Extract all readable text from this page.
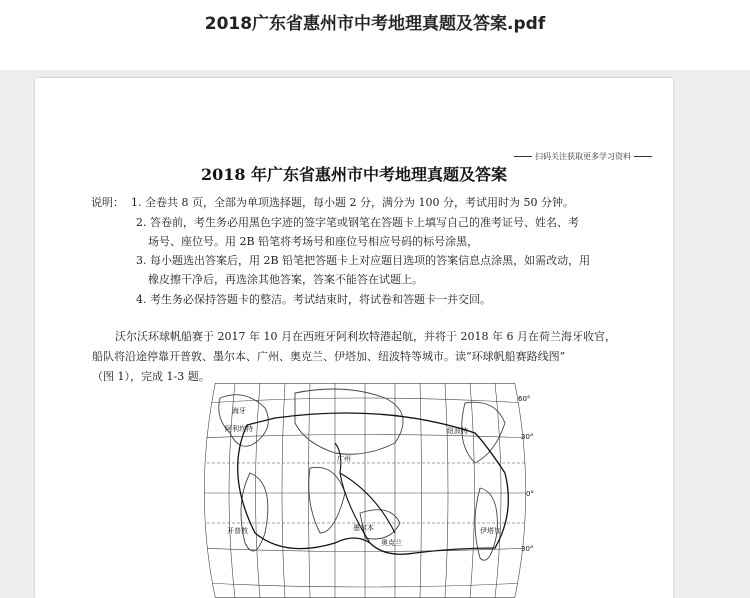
2018广东省惠州市中考地理真题及答案.pdf
扫码关注获取更多学习资料
2018 年广东省惠州市中考地理真题及答案
说明： 1. 全卷共 8 页，全部为单项选择题，每小题 2 分，满分为 100 分，考试用时为 50 分钟。
2. 答卷前，考生务必用黑色字迹的签字笔或钢笔在答题卡上填写自己的准考证号、姓名、考
场号、座位号。用 2B 铅笔将考场号和座位号相应号码的标号涂黑，
3. 每小题选出答案后，用 2B 铅笔把答题卡上对应题目选项的答案信息点涂黑，如需改动，用
橡皮擦干净后，再选涂其他答案，答案不能答在试题上。
4. 考生务必保持答题卡的整洁。考试结束时，将试卷和答题卡一并交回。
沃尔沃环球帆船赛于 2017 年 10 月在西班牙阿利坎特港起航，并将于 2018 年 6 月在荷兰海牙收官，
船队将沿途停靠开普敦、墨尔本、广州、奥克兰、伊塔加、纽波特等城市。读“环球帆船赛路线图”
（图 1），完成 1-3 题。
海牙
阿利坎特	纽波特
广州
开普敦	墨尔本
奥克兰
伊塔加
60°
30°
0°
30°
